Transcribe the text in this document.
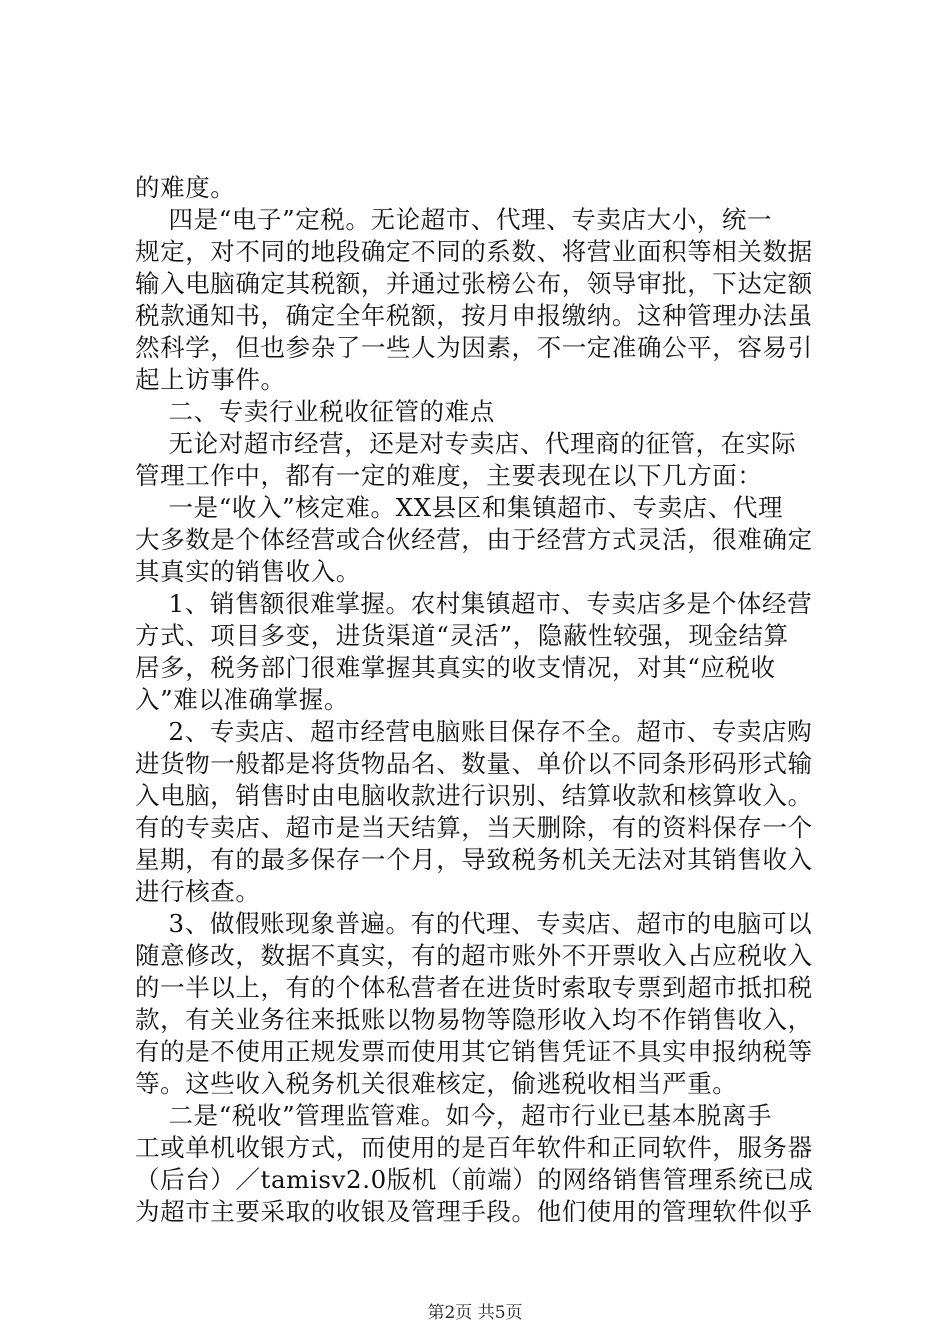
的难度。
四是“电子”定税。无论超市、代理、专卖店大小，统一
规定，对不同的地段确定不同的系数、将营业面积等相关数据
输入电脑确定其税额，并通过张榜公布，领导审批，下达定额
税款通知书，确定全年税额，按月申报缴纳。这种管理办法虽
然科学，但也参杂了一些人为因素，不一定准确公平，容易引
起上访事件。
二、专卖行业税收征管的难点
无论对超市经营，还是对专卖店、代理商的征管，在实际
管理工作中，都有一定的难度，主要表现在以下几方面：
一是“收入”核定难。XX县区和集镇超市、专卖店、代理
大多数是个体经营或合伙经营，由于经营方式灵活，很难确定
其真实的销售收入。
1、销售额很难掌握。农村集镇超市、专卖店多是个体经营
方式、项目多变，进货渠道“灵活”，隐蔽性较强，现金结算
居多，税务部门很难掌握其真实的收支情况，对其“应税收
入”难以准确掌握。
2、专卖店、超市经营电脑账目保存不全。超市、专卖店购
进货物一般都是将货物品名、数量、单价以不同条形码形式输
入电脑，销售时由电脑收款进行识别、结算收款和核算收入。
有的专卖店、超市是当天结算，当天删除，有的资料保存一个
星期，有的最多保存一个月，导致税务机关无法对其销售收入
进行核查。
3、做假账现象普遍。有的代理、专卖店、超市的电脑可以
随意修改，数据不真实，有的超市账外不开票收入占应税收入
的一半以上，有的个体私营者在进货时索取专票到超市抵扣税
款，有关业务往来抵账以物易物等隐形收入均不作销售收入，
有的是不使用正规发票而使用其它销售凭证不具实申报纳税等
等。这些收入税务机关很难核定，偷逃税收相当严重。
二是“税收”管理监管难。如今，超市行业已基本脱离手
工或单机收银方式，而使用的是百年软件和正同软件，服务器
（后台）／tamisv2.0版机（前端）的网络销售管理系统已成
为超市主要采取的收银及管理手段。他们使用的管理软件似乎
第2页 共5页
